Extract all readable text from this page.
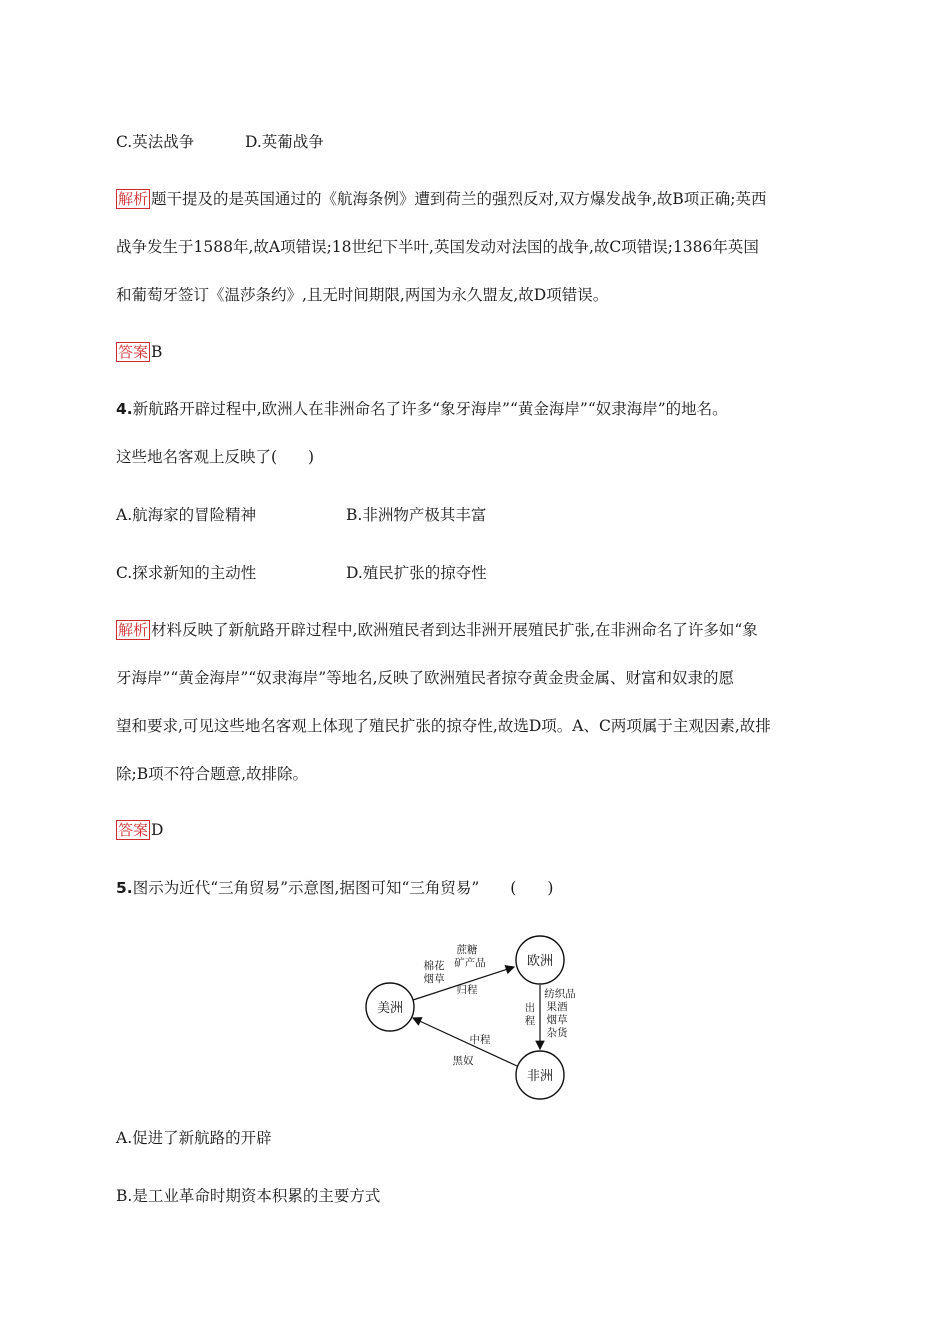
C.英法战争	D.英葡战争
解析 题干提及的是英国通过的《航海条例》遭到荷兰的强烈反对,双方爆发战争,故B项正确;英西
战争发生于1588年,故A项错误;18世纪下半叶,英国发动对法国的战争,故C项错误;1386年英国
和葡萄牙签订《温莎条约》,且无时间期限,两国为永久盟友,故D项错误。
答案 B
4.新航路开辟过程中,欧洲人在非洲命名了许多“象牙海岸”“黄金海岸”“奴隶海岸”的地名。
这些地名客观上反映了(　　)
A.航海家的冒险精神	B.非洲物产极其丰富
C.探求新知的主动性	D.殖民扩张的掠夺性
解析 材料反映了新航路开辟过程中,欧洲殖民者到达非洲开展殖民扩张,在非洲命名了许多如“象
牙海岸”“黄金海岸”“奴隶海岸”等地名,反映了欧洲殖民者掠夺黄金贵金属、财富和奴隶的愿
望和要求,可见这些地名客观上体现了殖民扩张的掠夺性,故选D项。A、C两项属于主观因素,故排
除;B项不符合题意,故排除。
答案 D
5.图示为近代“三角贸易”示意图,据图可知“三角贸易”　　(　　)
美洲
欧洲
非洲
蔗糖
矿产品
棉花
烟草
归程
出
程
纺织品
果酒
烟草
杂货
中程
黑奴
A.促进了新航路的开辟
B.是工业革命时期资本积累的主要方式
